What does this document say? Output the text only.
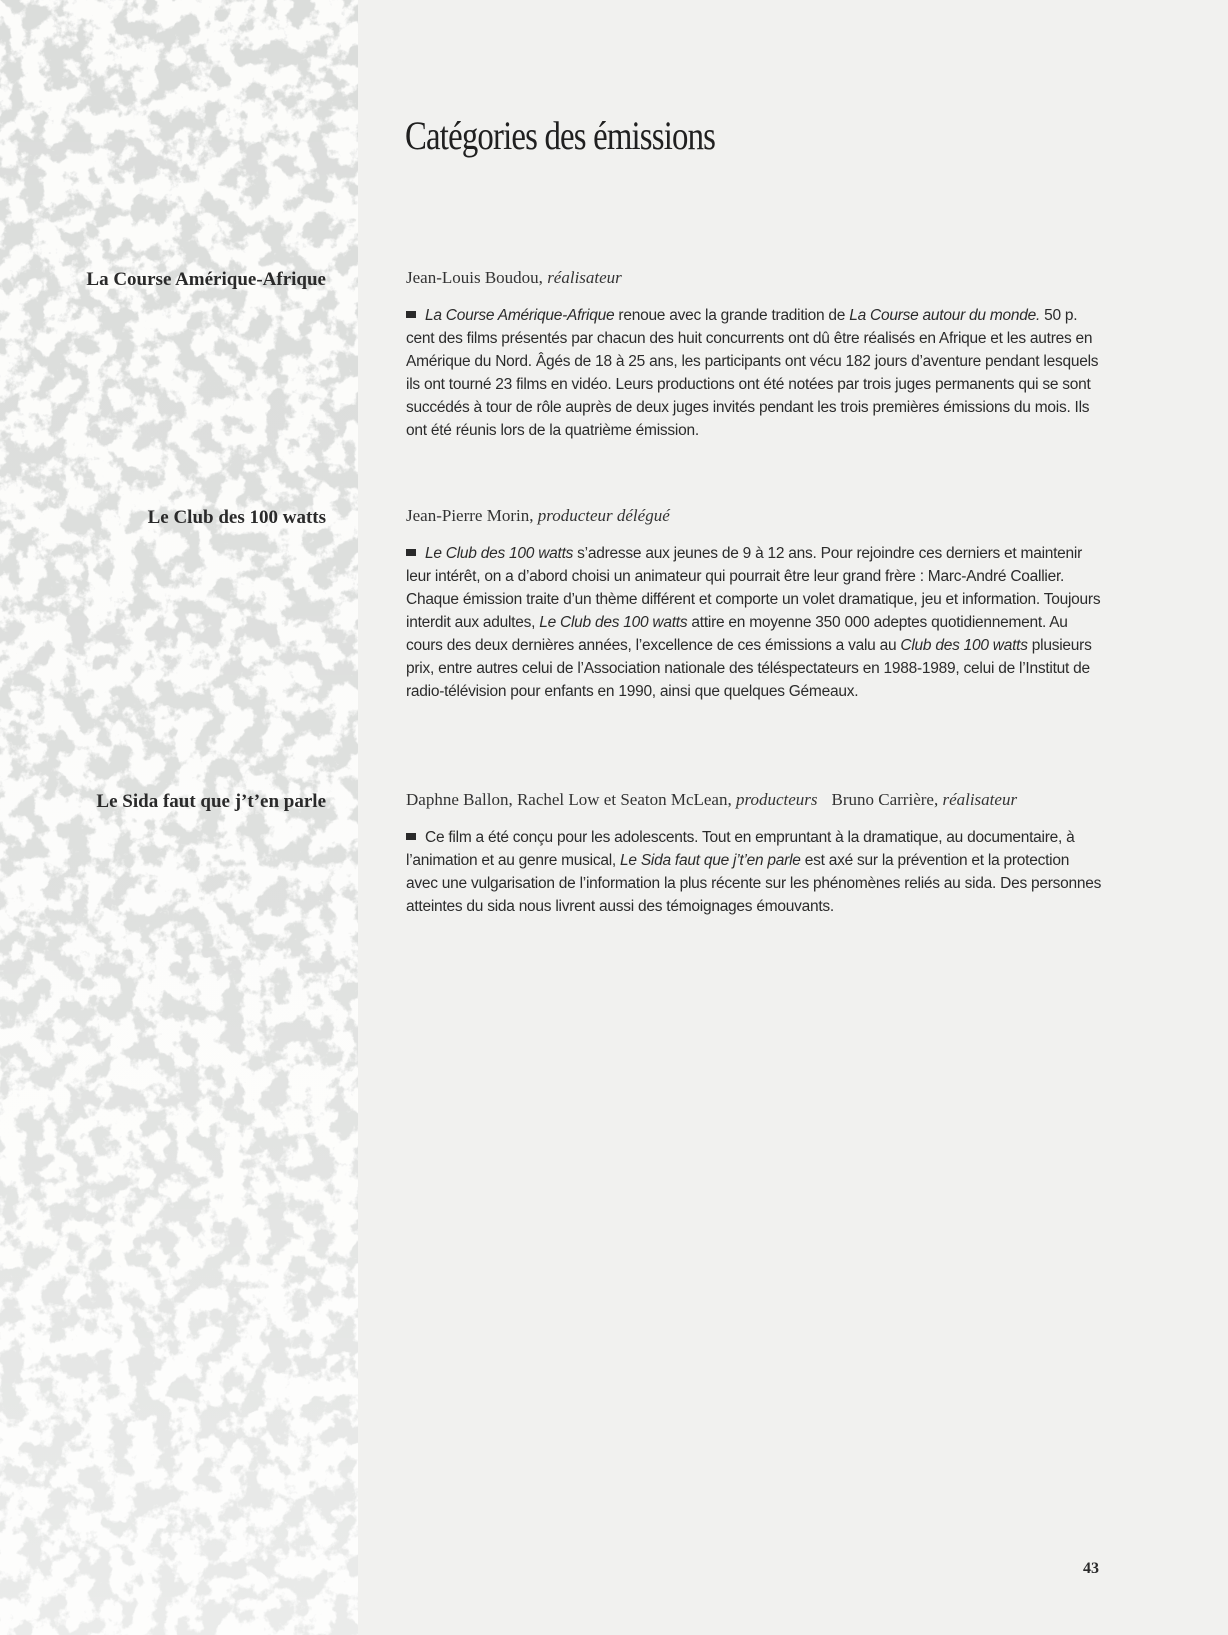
Catégories des émissions
La Course Amérique-Afrique	Jean-Louis Boudou, réalisateur

La Course Amérique-Afrique renoue avec la grande tradition de La Course autour du monde. 50 p. cent des films présentés par chacun des huit concurrents ont dû être réalisés en Afrique et les autres en Amérique du Nord. Âgés de 18 à 25 ans, les participants ont vécu 182 jours d’aventure pendant lesquels ils ont tourné 23 films en vidéo. Leurs productions ont été notées par trois juges permanents qui se sont succédés à tour de rôle auprès de deux juges invités pendant les trois premières émissions du mois. Ils ont été réunis lors de la quatrième émission.

Le Club des 100 watts	Jean-Pierre Morin, producteur délégué

Le Club des 100 watts s’adresse aux jeunes de 9 à 12 ans. Pour rejoindre ces derniers et maintenir leur intérêt, on a d’abord choisi un animateur qui pourrait être leur grand frère : Marc-André Coallier. Chaque émission traite d’un thème différent et comporte un volet dramatique, jeu et information. Toujours interdit aux adultes, Le Club des 100 watts attire en moyenne 350 000 adeptes quotidiennement. Au cours des deux dernières années, l’excellence de ces émissions a valu au Club des 100 watts plusieurs prix, entre autres celui de l’Association nationale des téléspectateurs en 1988-1989, celui de l’Institut de radio-télévision pour enfants en 1990, ainsi que quelques Gémeaux.

Le Sida faut que j’t’en parle	Daphne Ballon, Rachel Low et Seaton McLean, producteurs Bruno Carrière, réalisateur

Ce film a été conçu pour les adolescents. Tout en empruntant à la dramatique, au documentaire, à l’animation et au genre musical, Le Sida faut que j’t’en parle est axé sur la prévention et la protection avec une vulgarisation de l’information la plus récente sur les phénomènes reliés au sida. Des personnes atteintes du sida nous livrent aussi des témoignages émouvants.

43
